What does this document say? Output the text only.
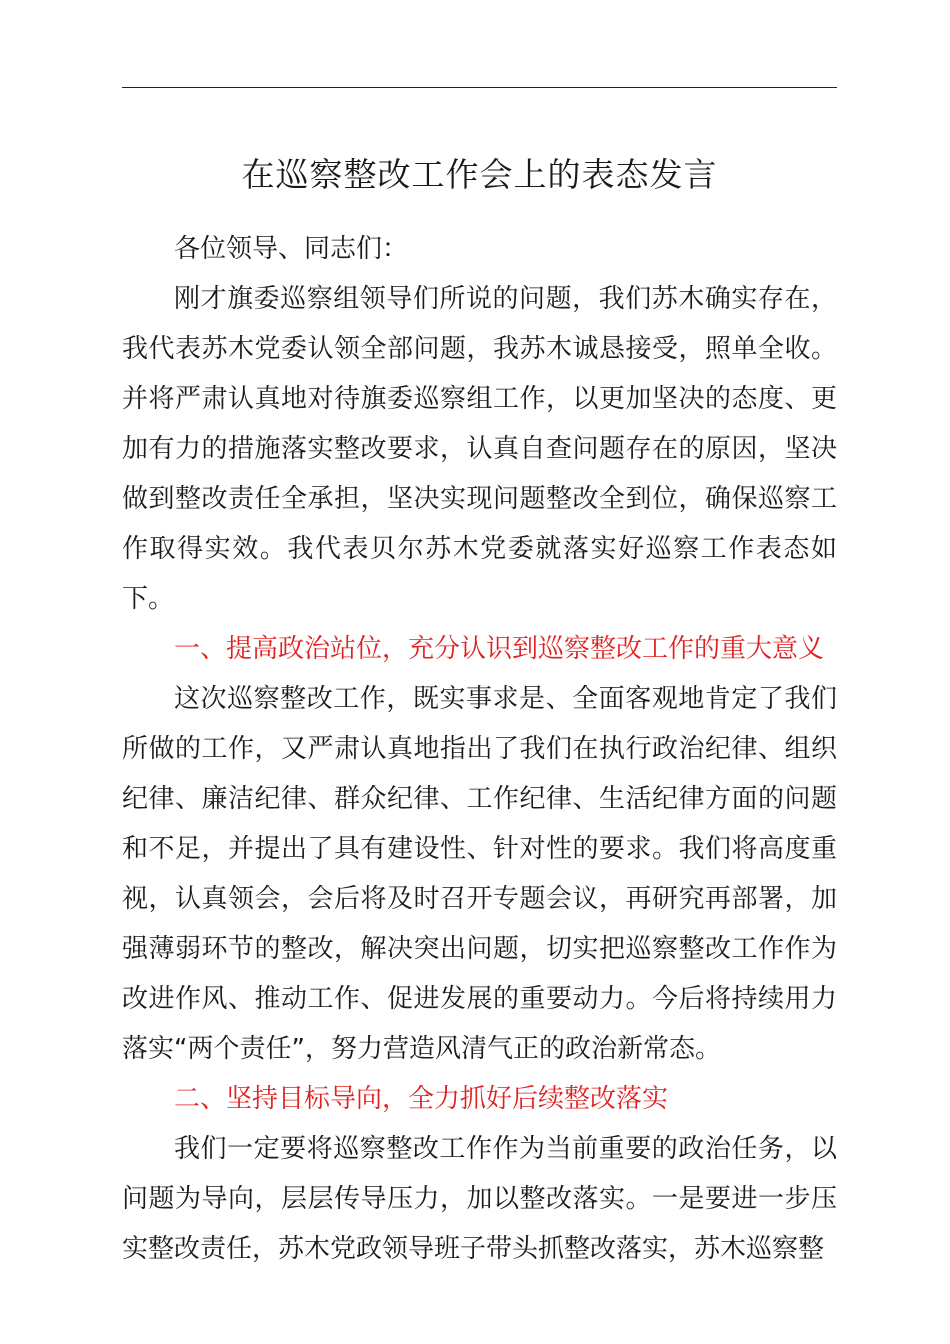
在巡察整改工作会上的表态发言

各位领导、同志们：

刚才旗委巡察组领导们所说的问题，我们苏木确实存在，我代表苏木党委认领全部问题，我苏木诚恳接受，照单全收。并将严肃认真地对待旗委巡察组工作，以更加坚决的态度、更加有力的措施落实整改要求，认真自查问题存在的原因，坚决做到整改责任全承担，坚决实现问题整改全到位，确保巡察工作取得实效。我代表贝尔苏木党委就落实好巡察工作表态如下。

一、提高政治站位，充分认识到巡察整改工作的重大意义

这次巡察整改工作，既实事求是、全面客观地肯定了我们所做的工作，又严肃认真地指出了我们在执行政治纪律、组织纪律、廉洁纪律、群众纪律、工作纪律、生活纪律方面的问题和不足，并提出了具有建设性、针对性的要求。我们将高度重视，认真领会，会后将及时召开专题会议，再研究再部署，加强薄弱环节的整改，解决突出问题，切实把巡察整改工作作为改进作风、推动工作、促进发展的重要动力。今后将持续用力落实“两个责任”，努力营造风清气正的政治新常态。

二、坚持目标导向，全力抓好后续整改落实

我们一定要将巡察整改工作作为当前重要的政治任务，以问题为导向，层层传导压力，加以整改落实。一是要进一步压实整改责任，苏木党政领导班子带头抓整改落实，苏木巡察整
